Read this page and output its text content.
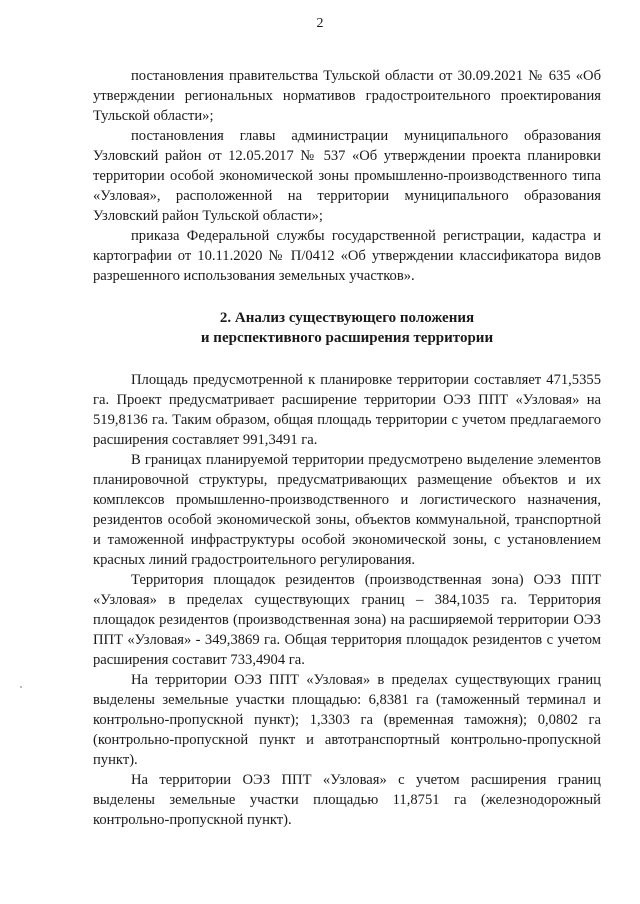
2

постановления правительства Тульской области от 30.09.2021 № 635 «Об утверждении региональных нормативов градостроительного проектирования Тульской области»;

постановления главы администрации муниципального образования Узловский район от 12.05.2017 № 537 «Об утверждении проекта планировки территории особой экономической зоны промышленно-производственного типа «Узловая», расположенной на территории муниципального образования Узловский район Тульской области»;

приказа Федеральной службы государственной регистрации, кадастра и картографии от 10.11.2020 № П/0412 «Об утверждении классификатора видов разрешенного использования земельных участков».

2. Анализ существующего положения
и перспективного расширения территории

Площадь предусмотренной к планировке территории составляет 471,5355 га. Проект предусматривает расширение территории ОЭЗ ППТ «Узловая» на 519,8136 га. Таким образом, общая площадь территории с учетом предлагаемого расширения составляет 991,3491 га.

В границах планируемой территории предусмотрено выделение элементов планировочной структуры, предусматривающих размещение объектов и их комплексов промышленно-производственного и логистического назначения, резидентов особой экономической зоны, объектов коммунальной, транспортной и таможенной инфраструктуры особой экономической зоны, с установлением красных линий градостроительного регулирования.

Территория площадок резидентов (производственная зона) ОЭЗ ППТ «Узловая» в пределах существующих границ – 384,1035 га. Территория площадок резидентов (производственная зона) на расширяемой территории ОЭЗ ППТ «Узловая» - 349,3869 га. Общая территория площадок резидентов с учетом расширения составит 733,4904 га.

На территории ОЭЗ ППТ «Узловая» в пределах существующих границ выделены земельные участки площадью: 6,8381 га (таможенный терминал и контрольно-пропускной пункт); 1,3303 га (временная таможня); 0,0802 га (контрольно-пропускной пункт и автотранспортный контрольно-пропускной пункт).

На территории ОЭЗ ППТ «Узловая» с учетом расширения границ выделены земельные участки площадью 11,8751 га (железнодорожный контрольно-пропускной пункт).
